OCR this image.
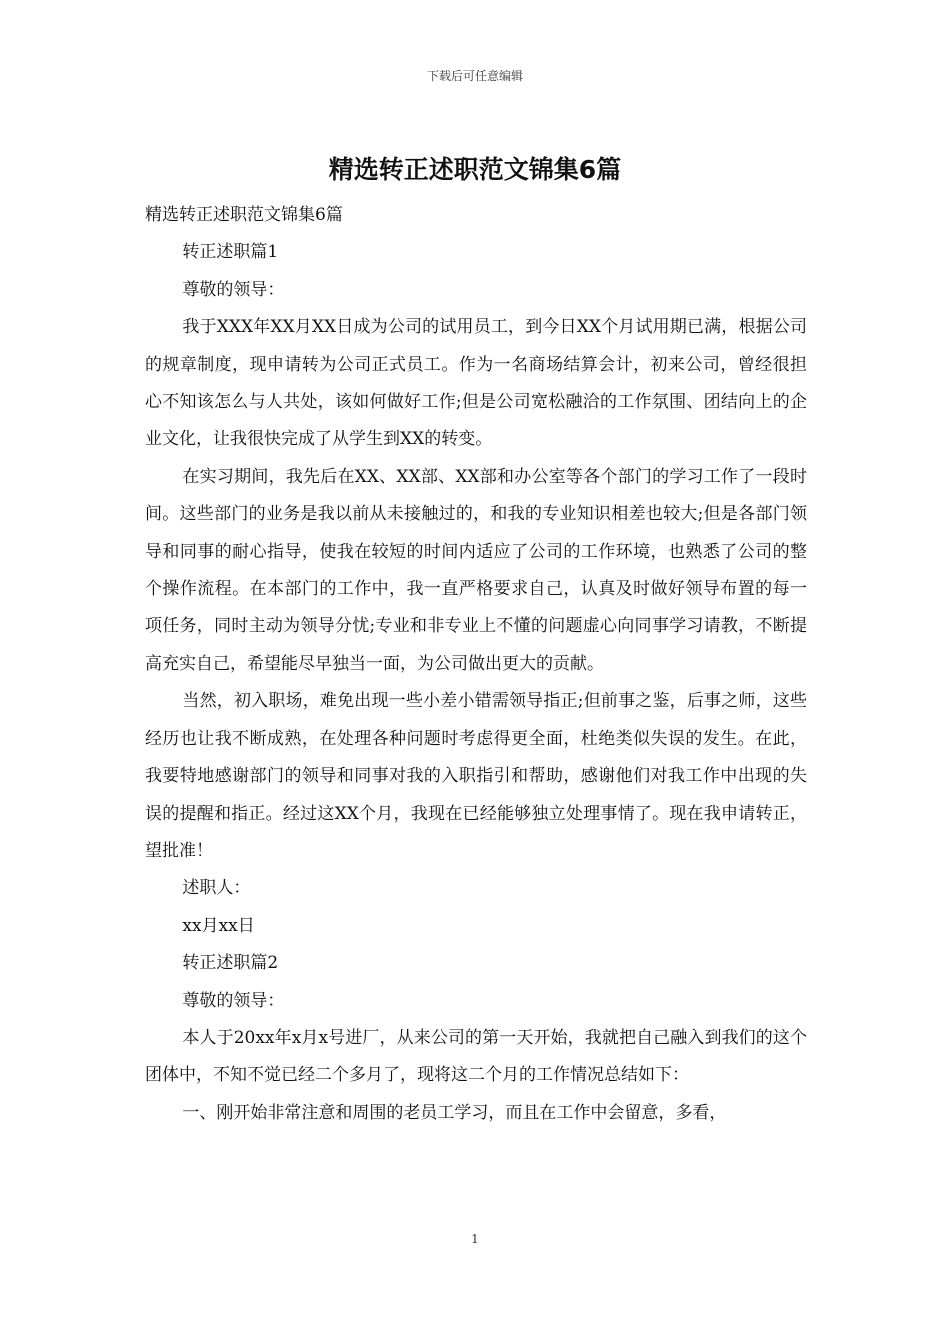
下载后可任意编辑
精选转正述职范文锦集6篇

精选转正述职范文锦集6篇

转正述职篇1

尊敬的领导：

我于XXX年XX月XX日成为公司的试用员工，到今日XX个月试用期已满，根据公司的规章制度，现申请转为公司正式员工。作为一名商场结算会计，初来公司，曾经很担心不知该怎么与人共处，该如何做好工作;但是公司宽松融洽的工作氛围、团结向上的企业文化，让我很快完成了从学生到XX的转变。

在实习期间，我先后在XX、XX部、XX部和办公室等各个部门的学习工作了一段时间。这些部门的业务是我以前从未接触过的，和我的专业知识相差也较大;但是各部门领导和同事的耐心指导，使我在较短的时间内适应了公司的工作环境，也熟悉了公司的整个操作流程。在本部门的工作中，我一直严格要求自己，认真及时做好领导布置的每一项任务，同时主动为领导分忧;专业和非专业上不懂的问题虚心向同事学习请教，不断提高充实自己，希望能尽早独当一面，为公司做出更大的贡献。

当然，初入职场，难免出现一些小差小错需领导指正;但前事之鉴，后事之师，这些经历也让我不断成熟，在处理各种问题时考虑得更全面，杜绝类似失误的发生。在此，我要特地感谢部门的领导和同事对我的入职指引和帮助，感谢他们对我工作中出现的失误的提醒和指正。经过这XX个月，我现在已经能够独立处理事情了。现在我申请转正，望批准！

述职人：

xx月xx日

转正述职篇2

尊敬的领导：

本人于20xx年x月x号进厂，从来公司的第一天开始，我就把自己融入到我们的这个团体中，不知不觉已经二个多月了，现将这二个月的工作情况总结如下：

一、刚开始非常注意和周围的老员工学习，而且在工作中会留意，多看，

1
